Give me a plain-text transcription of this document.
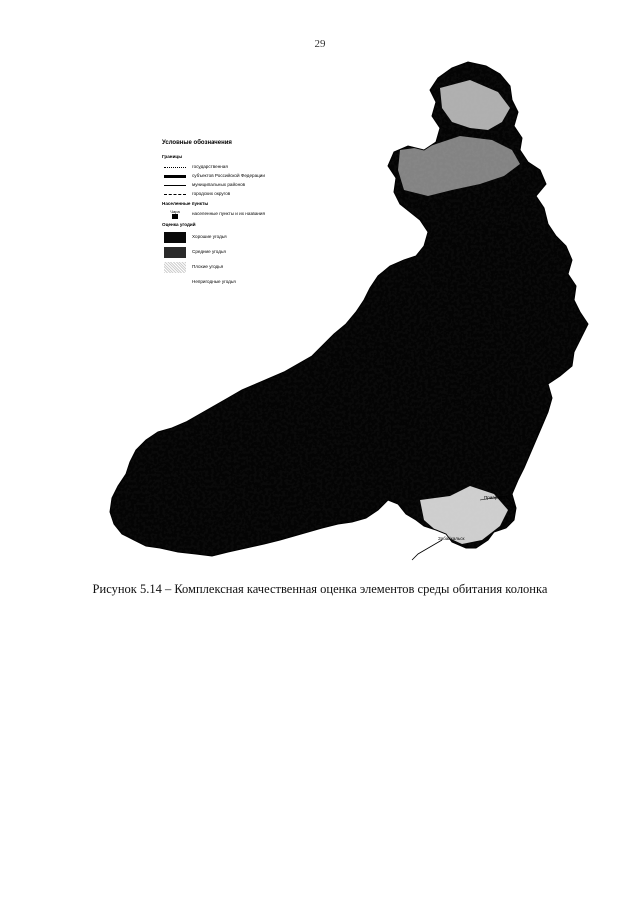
29
Приаргунск
Забайкальск
Условные обозначения
Границы
государственная
субъектов Российской Федерации
муниципальных районов
городских округов
Населенные пункты
Чара	населенные пункты и их названия
Оценка угодий
Хорошие угодья
Средние угодья
Плохие угодья
Непригодные угодья
Рисунок 5.14 – Комплексная качественная оценка элементов среды обитания колонка
